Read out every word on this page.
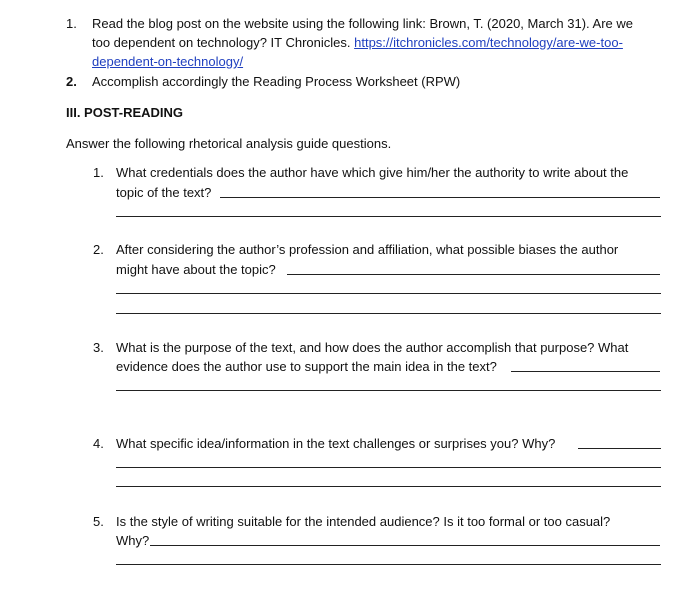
1. Read the blog post on the website using the following link: Brown, T. (2020, March 31). Are we
too dependent on technology? IT Chronicles. https://itchronicles.com/technology/are-we-too-
dependent-on-technology/
2. Accomplish accordingly the Reading Process Worksheet (RPW)
III. POST-READING
Answer the following rhetorical analysis guide questions.
1. What credentials does the author have which give him/her the authority to write about the
topic of the text?
2. After considering the author’s profession and affiliation, what possible biases the author
might have about the topic?
3. What is the purpose of the text, and how does the author accomplish that purpose? What
evidence does the author use to support the main idea in the text?
4. What specific idea/information in the text challenges or surprises you? Why?
5. Is the style of writing suitable for the intended audience? Is it too formal or too casual?
Why?
